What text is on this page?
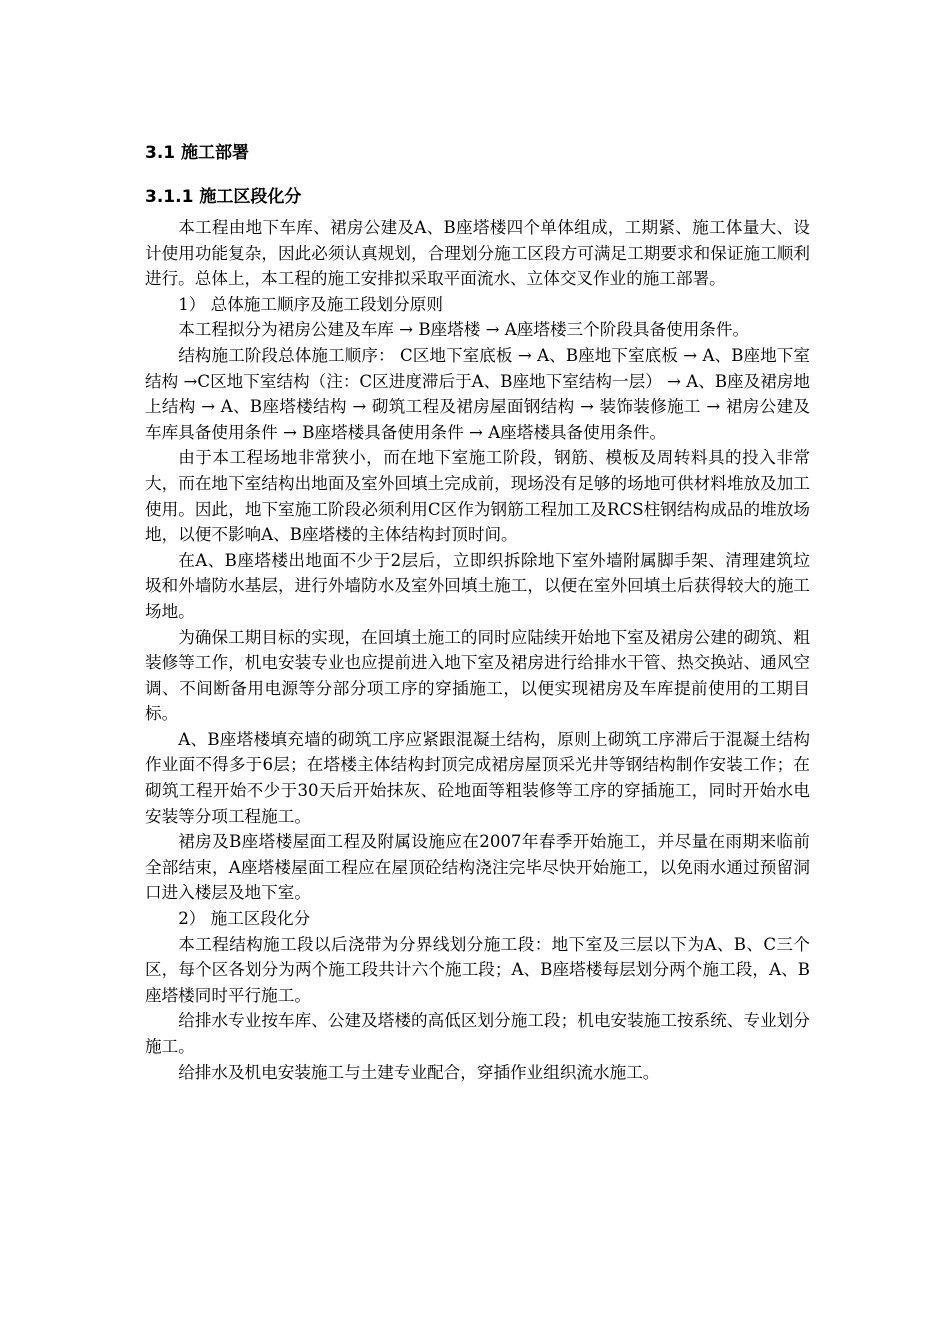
3.1 施工部署
3.1.1 施工区段化分

本工程由地下车库、裙房公建及A、B座塔楼四个单体组成，工期紧、施工体量大、设计使用功能复杂，因此必须认真规划，合理划分施工区段方可满足工期要求和保证施工顺利进行。总体上，本工程的施工安排拟采取平面流水、立体交叉作业的施工部署。

1） 总体施工顺序及施工段划分原则

本工程拟分为裙房公建及车库 → B座塔楼 → A座塔楼三个阶段具备使用条件。

结构施工阶段总体施工顺序： C区地下室底板 → A、B座地下室底板 → A、B座地下室结构 →C区地下室结构（注：C区进度滞后于A、B座地下室结构一层） → A、B座及裙房地上结构 → A、B座塔楼结构 → 砌筑工程及裙房屋面钢结构 → 装饰装修施工 → 裙房公建及车库具备使用条件 → B座塔楼具备使用条件 → A座塔楼具备使用条件。

由于本工程场地非常狭小，而在地下室施工阶段，钢筋、模板及周转料具的投入非常大，而在地下室结构出地面及室外回填土完成前，现场没有足够的场地可供材料堆放及加工使用。因此，地下室施工阶段必须利用C区作为钢筋工程加工及RCS柱钢结构成品的堆放场地，以便不影响A、B座塔楼的主体结构封顶时间。

在A、B座塔楼出地面不少于2层后，立即织拆除地下室外墙附属脚手架、清理建筑垃圾和外墙防水基层，进行外墙防水及室外回填土施工，以便在室外回填土后获得较大的施工场地。

为确保工期目标的实现，在回填土施工的同时应陆续开始地下室及裙房公建的砌筑、粗装修等工作，机电安装专业也应提前进入地下室及裙房进行给排水干管、热交换站、通风空调、不间断备用电源等分部分项工序的穿插施工，以便实现裙房及车库提前使用的工期目标。

A、B座塔楼填充墙的砌筑工序应紧跟混凝土结构，原则上砌筑工序滞后于混凝土结构作业面不得多于6层；在塔楼主体结构封顶完成裙房屋顶采光井等钢结构制作安装工作；在砌筑工程开始不少于30天后开始抹灰、砼地面等粗装修等工序的穿插施工，同时开始水电安装等分项工程施工。

裙房及B座塔楼屋面工程及附属设施应在2007年春季开始施工，并尽量在雨期来临前全部结束，A座塔楼屋面工程应在屋顶砼结构浇注完毕尽快开始施工，以免雨水通过预留洞口进入楼层及地下室。

2） 施工区段化分

本工程结构施工段以后浇带为分界线划分施工段：地下室及三层以下为A、B、C三个区，每个区各划分为两个施工段共计六个施工段；A、B座塔楼每层划分两个施工段，A、B座塔楼同时平行施工。

给排水专业按车库、公建及塔楼的高低区划分施工段；机电安装施工按系统、专业划分施工。

给排水及机电安装施工与土建专业配合，穿插作业组织流水施工。
